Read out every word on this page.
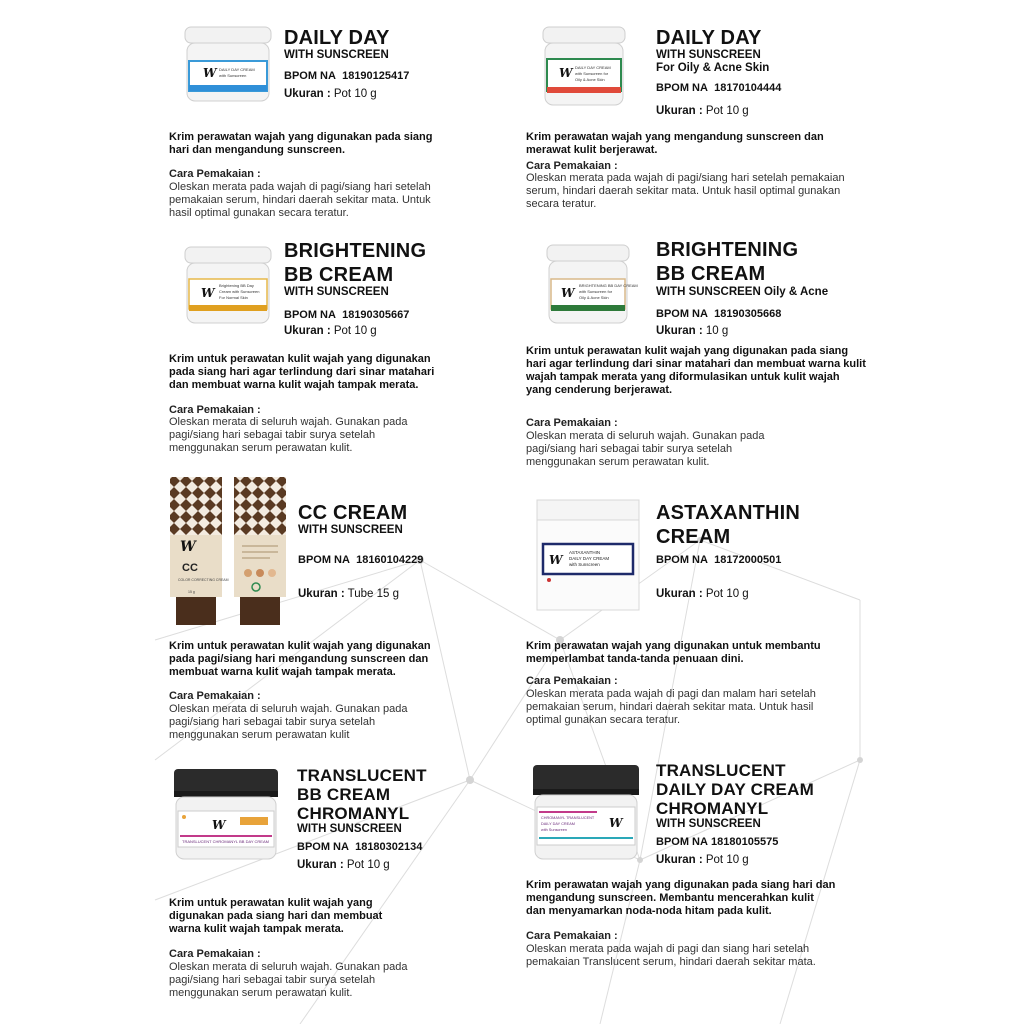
W DAILY DAY CREAM
with Sunscreen
DAILY DAY
WITH SUNSCREEN
BPOM NA 18190125417
Ukuran : Pot 10 g
Krim perawatan wajah yang digunakan pada siang hari dan mengandung sunscreen.
Cara Pemakaian :
Oleskan merata pada wajah di pagi/siang hari setelah pemakaian serum, hindari daerah sekitar mata. Untuk hasil optimal gunakan secara teratur.
W DAILY DAY CREAM
with Sunscreen for
Oily & Acne Skin
DAILY DAY
WITH SUNSCREEN
For Oily & Acne Skin
BPOM NA 18170104444
Ukuran : Pot 10 g
Krim perawatan wajah yang mengandung sunscreen dan merawat kulit berjerawat.
Cara Pemakaian :
Oleskan merata pada wajah di pagi/siang hari setelah pemakaian serum, hindari daerah sekitar mata. Untuk hasil optimal gunakan secara teratur.
W
Brightening BB Day
Cream with Sunscreen
For Normal Skin
BRIGHTENING
BB CREAM
WITH SUNSCREEN
BPOM NA 18190305667
Ukuran : Pot 10 g
Krim untuk perawatan kulit wajah yang digunakan pada siang hari agar terlindung dari sinar matahari dan membuat warna kulit wajah tampak merata.
Cara Pemakaian :
Oleskan merata di seluruh wajah. Gunakan pada pagi/siang hari sebagai tabir surya setelah menggunakan serum perawatan kulit.
W
BRIGHTENING BB DAY CREAM
with Sunscreen for
Oily & Acne Skin
BRIGHTENING
BB CREAM
WITH SUNSCREEN Oily & Acne
BPOM NA 18190305668
Ukuran : 10 g
Krim untuk perawatan kulit wajah yang digunakan pada siang hari agar terlindung dari sinar matahari dan membuat warna kulit wajah tampak merata yang diformulasikan untuk kulit wajah yang cenderung berjerawat.
Cara Pemakaian :
Oleskan merata di seluruh wajah. Gunakan pada pagi/siang hari sebagai tabir surya setelah menggunakan serum perawatan kulit.
W
CC
COLOR CORRECTING CREAM
15 g
CC CREAM
WITH SUNSCREEN
BPOM NA 18160104229
Ukuran : Tube 15 g
Krim untuk perawatan kulit wajah yang digunakan pada pagi/siang hari mengandung sunscreen dan membuat warna kulit wajah tampak merata.
Cara Pemakaian :
Oleskan merata di seluruh wajah. Gunakan pada pagi/siang hari sebagai tabir surya setelah menggunakan serum perawatan kulit
W
ASTAXANTHIN
DAILY DAY CREAM
with Sunscreen
ASTAXANTHIN
CREAM
BPOM NA 18172000501
Ukuran : Pot 10 g
Krim perawatan wajah yang digunakan untuk membantu memperlambat tanda-tanda penuaan dini.
Cara Pemakaian :
Oleskan merata pada wajah di pagi dan malam hari setelah pemakaian serum, hindari daerah sekitar mata. Untuk hasil optimal gunakan secara teratur.
W
TRANSLUCENT CHROMANYL BB DAY CREAM
TRANSLUCENT
BB CREAM
CHROMANYL
WITH SUNSCREEN
BPOM NA 18180302134
Ukuran : Pot 10 g
Krim untuk perawatan kulit wajah yang digunakan pada siang hari dan membuat warna kulit wajah tampak merata.
Cara Pemakaian :
Oleskan merata di seluruh wajah. Gunakan pada pagi/siang hari sebagai tabir surya setelah menggunakan serum perawatan kulit.
CHROMANYL TRANSLUCENT
DAILY DAY CREAM
with Sunscreen	W
TRANSLUCENT
DAILY DAY CREAM
CHROMANYL
WITH SUNSCREEN
BPOM NA 18180105575
Ukuran : Pot 10 g
Krim perawatan wajah yang digunakan pada siang hari dan mengandung sunscreen. Membantu mencerahkan kulit dan menyamarkan noda-noda hitam pada kulit.
Cara Pemakaian :
Oleskan merata pada wajah di pagi dan siang hari setelah pemakaian Translucent serum, hindari daerah sekitar mata.
